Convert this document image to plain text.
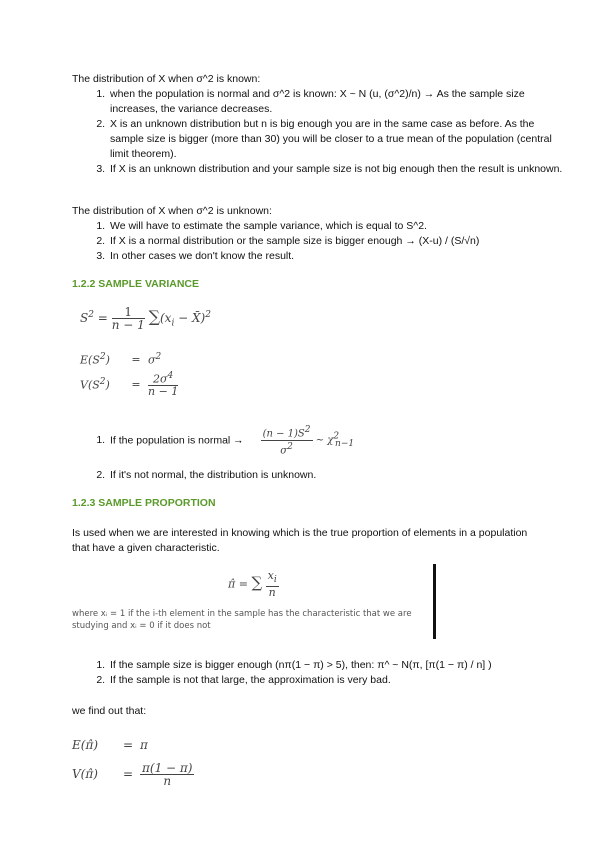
The distribution of X when σ^2 is known:

1. when the population is normal and σ^2 is known: X ~ N (u, (σ^2)/n) → As the sample size increases, the variance decreases.
2. X is an unknown distribution but n is big enough you are in the same case as before. As the sample size is bigger (more than 30) you will be closer to a true mean of the population (central limit theorem).
3. If X is an unknown distribution and your sample size is not big enough then the result is unknown.

The distribution of X when σ^2 is unknown:

1. We will have to estimate the sample variance, which is equal to S^2.
2. If X is a normal distribution or the sample size is bigger enough → (X-u) / (S/√n)
3. In other cases we don't know the result.

1.2.2 SAMPLE VARIANCE

$S^2 = \frac{1}{n - 1} \sum(x_i$ − X̄)$^2$
$E(S^2)$	= $\sigma^2$
$V(S^2)$	= $\frac{2\sigma^4}{n - 1}$
1. If the population is normal → $\frac{(n - 1)S^2}{\sigma^2}$ ~ $\chi^2_{n-1}$
2. If it's not normal, the distribution is unknown.

1.2.3 SAMPLE PROPORTION

Is used when we are interested in knowing which is the true proportion of elements in a population that have a given characteristic.

π̂ = ∑ $\frac{x_i}{n}$

where xᵢ = 1 if the i-th element in the sample has the characteristic that we are studying and xᵢ = 0 if it does not

1. If the sample size is bigger enough (nπ(1 − π) > 5), then: π^ ~ N(π, [π(1 − π) / n] )
2. If the sample is not that large, the approximation is very bad.

we find out that:

E(π̂)	= π
V(π̂)	= $\frac{\pi(1 - \pi)}{n}$
